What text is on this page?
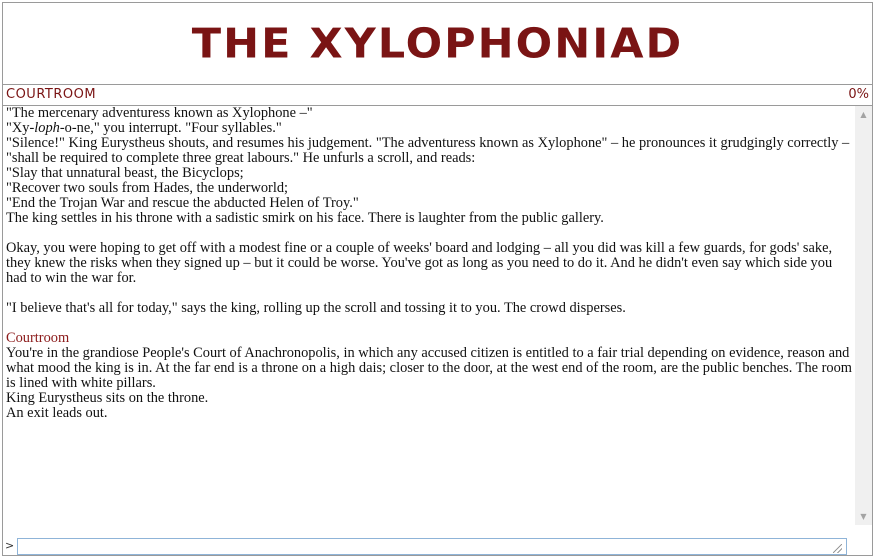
THE XYLOPHONIAD
COURTROOM	0%

"The mercenary adventuress known as Xylophone –"

"Xy-loph-o-ne," you interrupt. "Four syllables."

"Silence!" King Eurystheus shouts, and resumes his judgement. "The adventuress known as Xylophone" – he pronounces it grudgingly correctly –

"shall be required to complete three great labours." He unfurls a scroll, and reads:

"Slay that unnatural beast, the Bicyclops;

"Recover two souls from Hades, the underworld;

"End the Trojan War and rescue the abducted Helen of Troy."

The king settles in his throne with a sadistic smirk on his face. There is laughter from the public gallery.

Okay, you were hoping to get off with a modest fine or a couple of weeks' board and lodging – all you did was kill a few guards, for gods' sake, they knew the risks when they signed up – but it could be worse. You've got as long as you need to do it. And he didn't even say which side you had to win the war for.

"I believe that's all for today," says the king, rolling up the scroll and tossing it to you. The crowd disperses.

Courtroom

You're in the grandiose People's Court of Anachronopolis, in which any accused citizen is entitled to a fair trial depending on evidence, reason and what mood the king is in. At the far end is a throne on a high dais; closer to the door, at the west end of the room, are the public benches. The room is lined with white pillars.

King Eurystheus sits on the throne.

An exit leads out.

▲
▼
>
